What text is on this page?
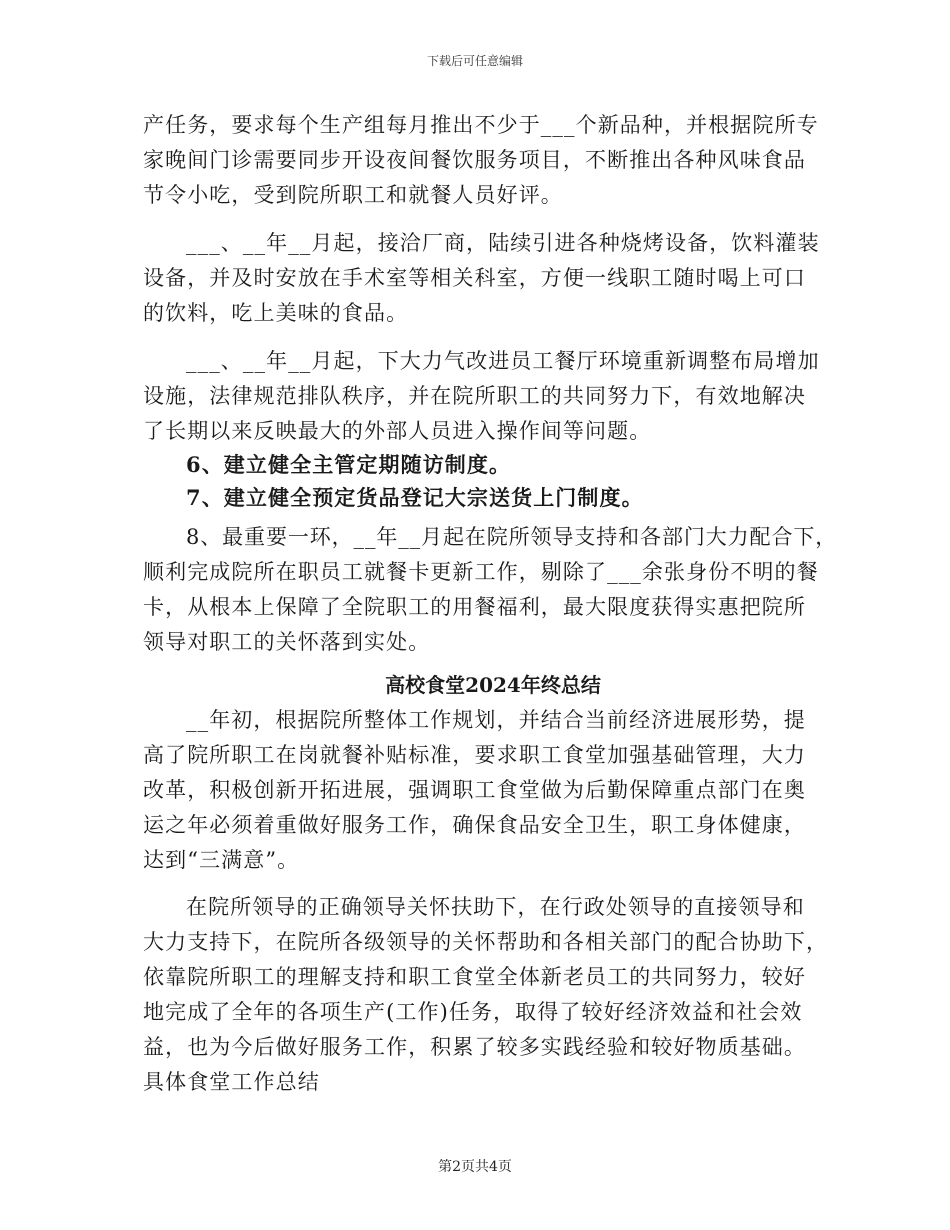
下载后可任意编辑
产任务，要求每个生产组每月推出不少于___个新品种，并根据院所专
家晚间门诊需要同步开设夜间餐饮服务项目，不断推出各种风味食品
节令小吃，受到院所职工和就餐人员好评。
___、__年__月起，接洽厂商，陆续引进各种烧烤设备，饮料灌装
设备，并及时安放在手术室等相关科室，方便一线职工随时喝上可口
的饮料，吃上美味的食品。
___、__年__月起，下大力气改进员工餐厅环境重新调整布局增加
设施，法律规范排队秩序，并在院所职工的共同努力下，有效地解决
了长期以来反映最大的外部人员进入操作间等问题。
6、建立健全主管定期随访制度。
7、建立健全预定货品登记大宗送货上门制度。
8、最重要一环，__年__月起在院所领导支持和各部门大力配合下，
顺利完成院所在职员工就餐卡更新工作，剔除了___余张身份不明的餐
卡，从根本上保障了全院职工的用餐福利，最大限度获得实惠把院所
领导对职工的关怀落到实处。
高校食堂2024年终总结
__年初，根据院所整体工作规划，并结合当前经济进展形势，提
高了院所职工在岗就餐补贴标准，要求职工食堂加强基础管理，大力
改革，积极创新开拓进展，强调职工食堂做为后勤保障重点部门在奥
运之年必须着重做好服务工作，确保食品安全卫生，职工身体健康，
达到“三满意”。
在院所领导的正确领导关怀扶助下，在行政处领导的直接领导和
大力支持下，在院所各级领导的关怀帮助和各相关部门的配合协助下，
依靠院所职工的理解支持和职工食堂全体新老员工的共同努力，较好
地完成了全年的各项生产(工作)任务，取得了较好经济效益和社会效
益，也为今后做好服务工作，积累了较多实践经验和较好物质基础。
具体食堂工作总结
第2页共4页
